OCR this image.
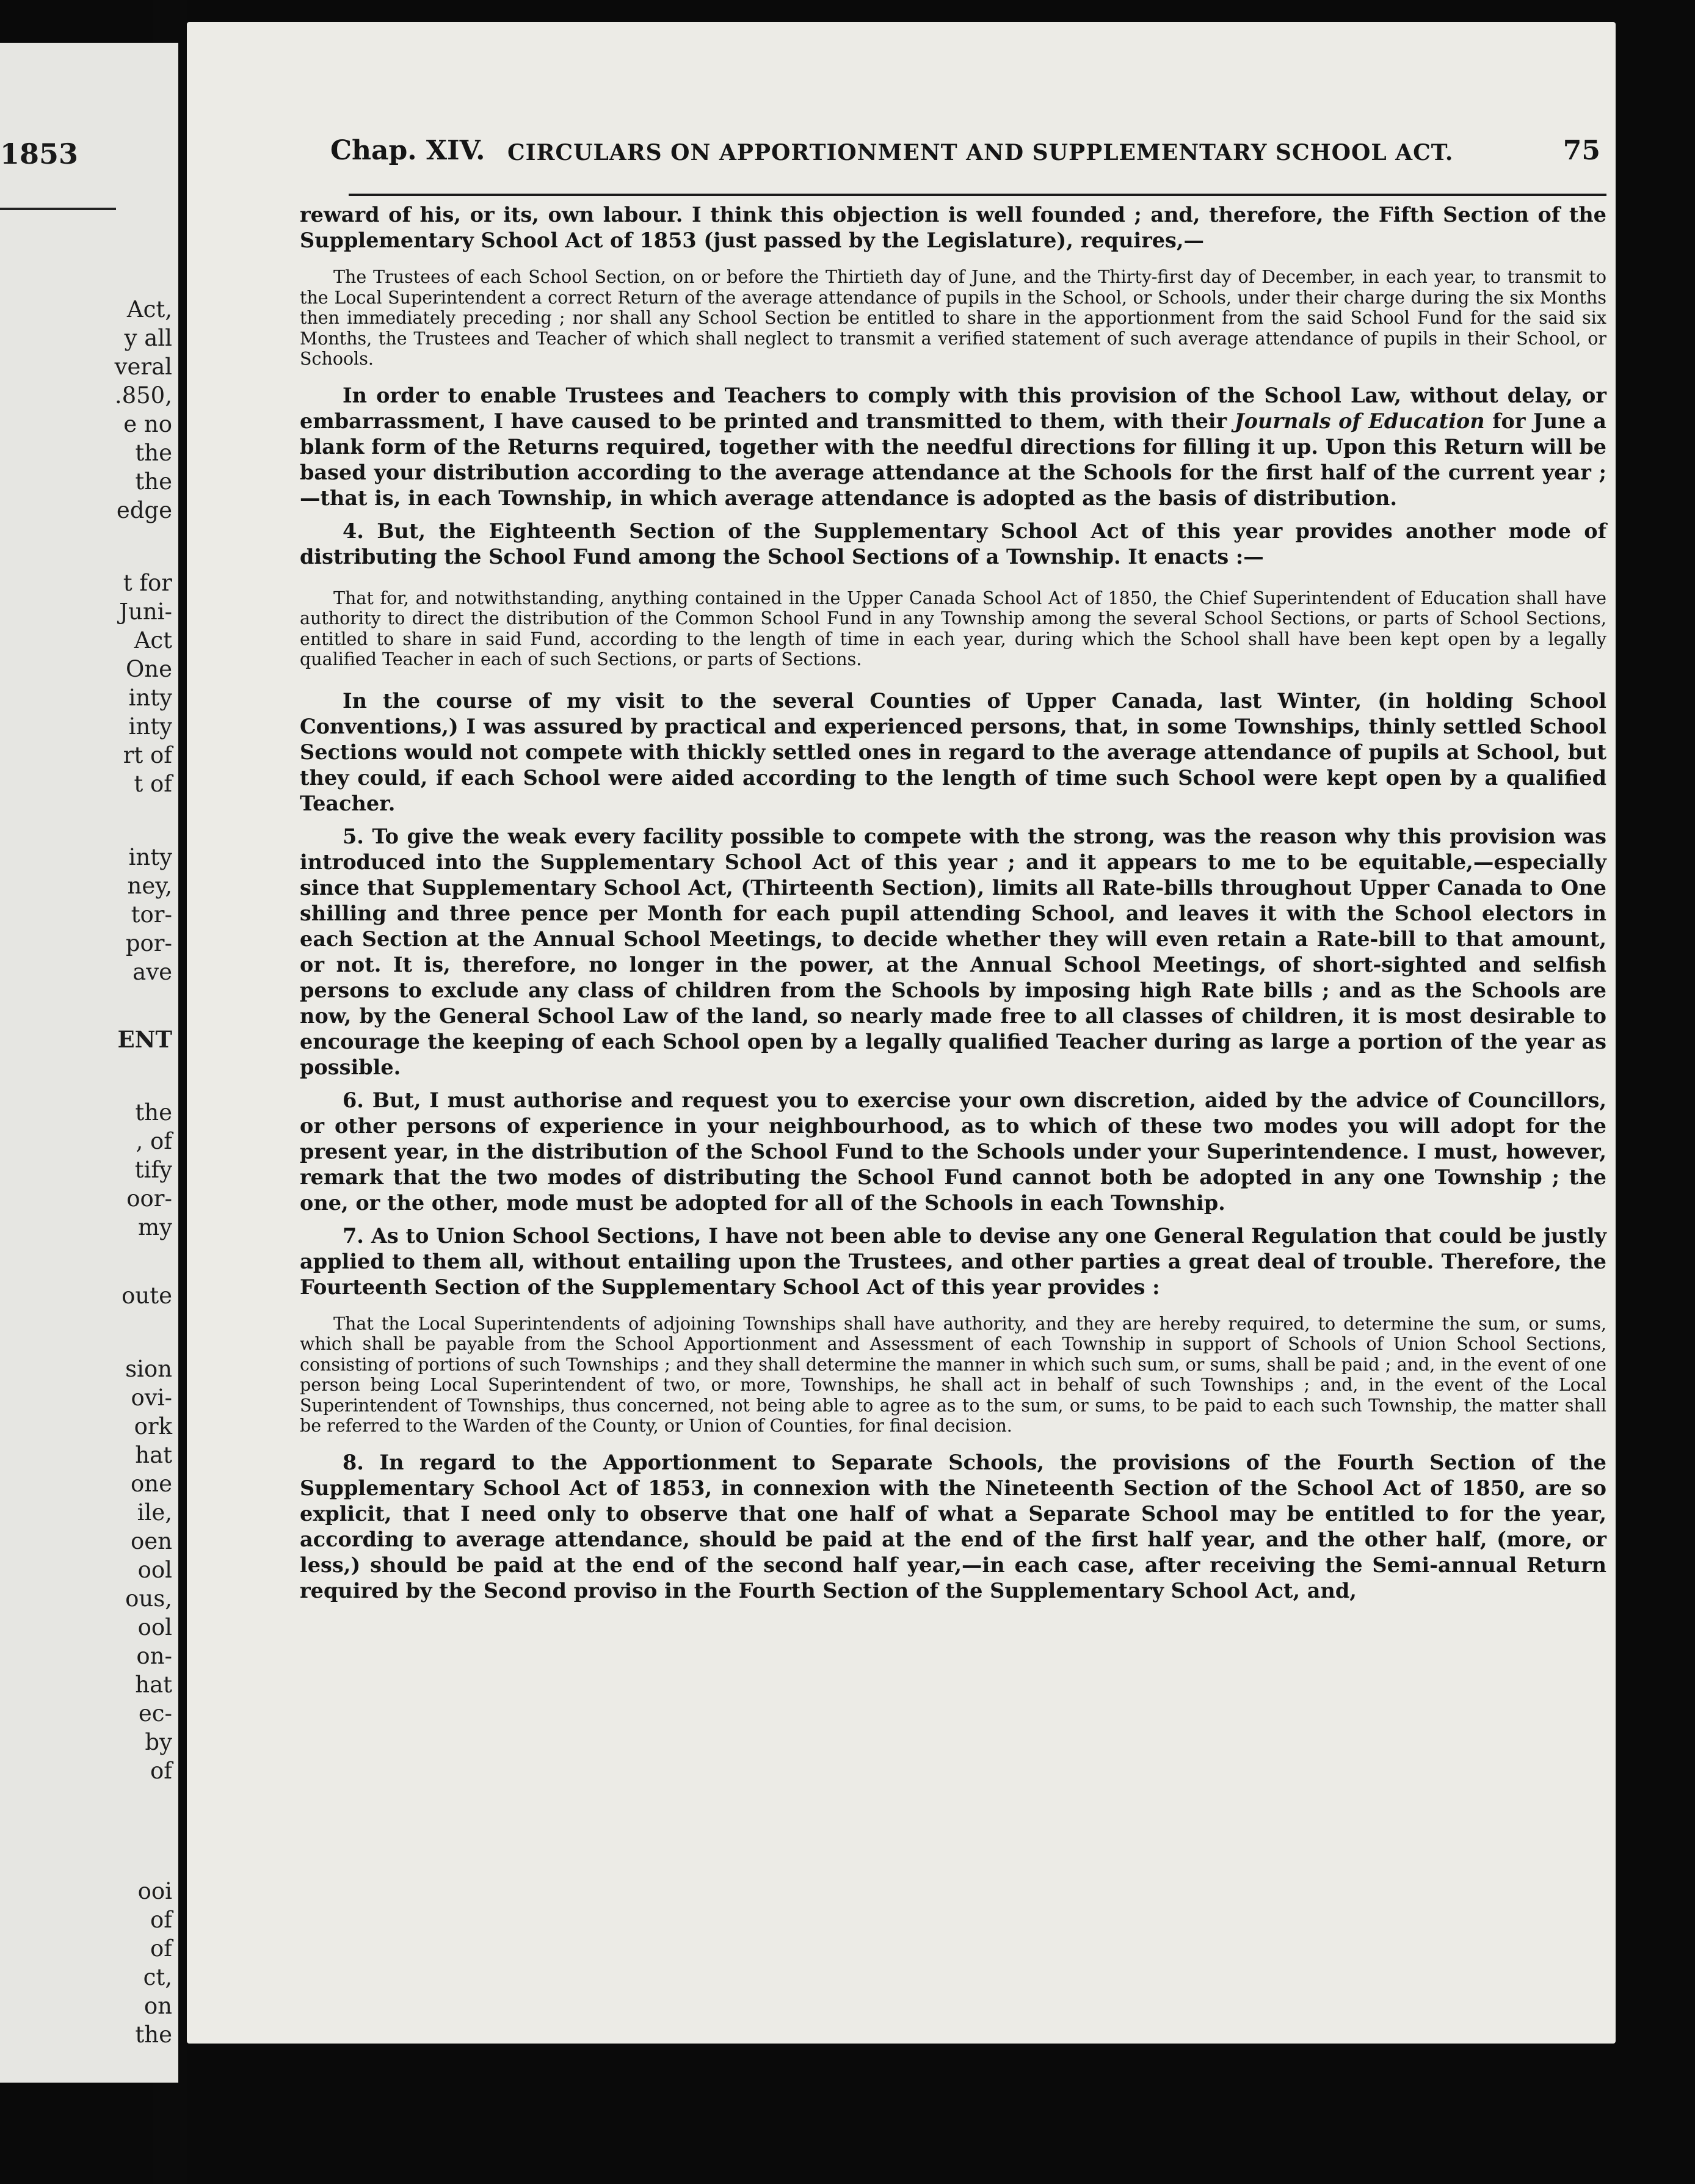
1853
Act,
y all
veral
.850,
e no
the
the
edge
t for
Juni-
Act
One
inty
inty
rt of
t of
inty
ney,
tor-
por-
ave
ENT
the
, of
tify
oor-
my
oute
sion
ovi-
ork
hat
one
ile,
oen
ool
ous,
ool
on-
hat
ec-
by
of
ooi
of
of
ct,
on
the
Chap. XIV. CIRCULARS ON APPORTIONMENT AND SUPPLEMENTARY SCHOOL ACT.	75

reward of his, or its, own labour. I think this objection is well founded ; and, therefore, the Fifth Section of the Supplementary School Act of 1853 (just passed by the Legislature), requires,—

The Trustees of each School Section, on or before the Thirtieth day of June, and the Thirty-first day of December, in each year, to transmit to the Local Superintendent a correct Return of the average attendance of pupils in the School, or Schools, under their charge during the six Months then immediately preceding ; nor shall any School Section be entitled to share in the apportionment from the said School Fund for the said six Months, the Trustees and Teacher of which shall neglect to transmit a verified statement of such average attendance of pupils in their School, or Schools.

In order to enable Trustees and Teachers to comply with this provision of the School Law, without delay, or embarrassment, I have caused to be printed and transmitted to them, with their Journals of Education for June a blank form of the Returns required, together with the needful directions for filling it up. Upon this Return will be based your distribution according to the average attendance at the Schools for the first half of the current year ;—that is, in each Township, in which average attendance is adopted as the basis of distribution.

4. But, the Eighteenth Section of the Supplementary School Act of this year provides another mode of distributing the School Fund among the School Sections of a Township. It enacts :—

That for, and notwithstanding, anything contained in the Upper Canada School Act of 1850, the Chief Superintendent of Education shall have authority to direct the distribution of the Common School Fund in any Township among the several School Sections, or parts of School Sections, entitled to share in said Fund, according to the length of time in each year, during which the School shall have been kept open by a legally qualified Teacher in each of such Sections, or parts of Sections.

In the course of my visit to the several Counties of Upper Canada, last Winter, (in holding School Conventions,) I was assured by practical and experienced persons, that, in some Townships, thinly settled School Sections would not compete with thickly settled ones in regard to the average attendance of pupils at School, but they could, if each School were aided according to the length of time such School were kept open by a qualified Teacher.

5. To give the weak every facility possible to compete with the strong, was the reason why this provision was introduced into the Supplementary School Act of this year ; and it appears to me to be equitable,—especially since that Supplementary School Act, (Thirteenth Section), limits all Rate-bills throughout Upper Canada to One shilling and three pence per Month for each pupil attending School, and leaves it with the School electors in each Section at the Annual School Meetings, to decide whether they will even retain a Rate-bill to that amount, or not. It is, therefore, no longer in the power, at the Annual School Meetings, of short-sighted and selfish persons to exclude any class of children from the Schools by imposing high Rate bills ; and as the Schools are now, by the General School Law of the land, so nearly made free to all classes of children, it is most desirable to encourage the keeping of each School open by a legally qualified Teacher during as large a portion of the year as possible.

6. But, I must authorise and request you to exercise your own discretion, aided by the advice of Councillors, or other persons of experience in your neighbourhood, as to which of these two modes you will adopt for the present year, in the distribution of the School Fund to the Schools under your Superintendence. I must, however, remark that the two modes of distributing the School Fund cannot both be adopted in any one Township ; the one, or the other, mode must be adopted for all of the Schools in each Township.

7. As to Union School Sections, I have not been able to devise any one General Regulation that could be justly applied to them all, without entailing upon the Trustees, and other parties a great deal of trouble. Therefore, the Fourteenth Section of the Supplementary School Act of this year provides :

That the Local Superintendents of adjoining Townships shall have authority, and they are hereby required, to determine the sum, or sums, which shall be payable from the School Apportionment and Assessment of each Township in support of Schools of Union School Sections, consisting of portions of such Townships ; and they shall determine the manner in which such sum, or sums, shall be paid ; and, in the event of one person being Local Superintendent of two, or more, Townships, he shall act in behalf of such Townships ; and, in the event of the Local Superintendent of Townships, thus concerned, not being able to agree as to the sum, or sums, to be paid to each such Township, the matter shall be referred to the Warden of the County, or Union of Counties, for final decision.

8. In regard to the Apportionment to Separate Schools, the provisions of the Fourth Section of the Supplementary School Act of 1853, in connexion with the Nineteenth Section of the School Act of 1850, are so explicit, that I need only to observe that one half of what a Separate School may be entitled to for the year, according to average attendance, should be paid at the end of the first half year, and the other half, (more, or less,) should be paid at the end of the second half year,—in each case, after receiving the Semi-annual Return required by the Second proviso in the Fourth Section of the Supplementary School Act, and,
